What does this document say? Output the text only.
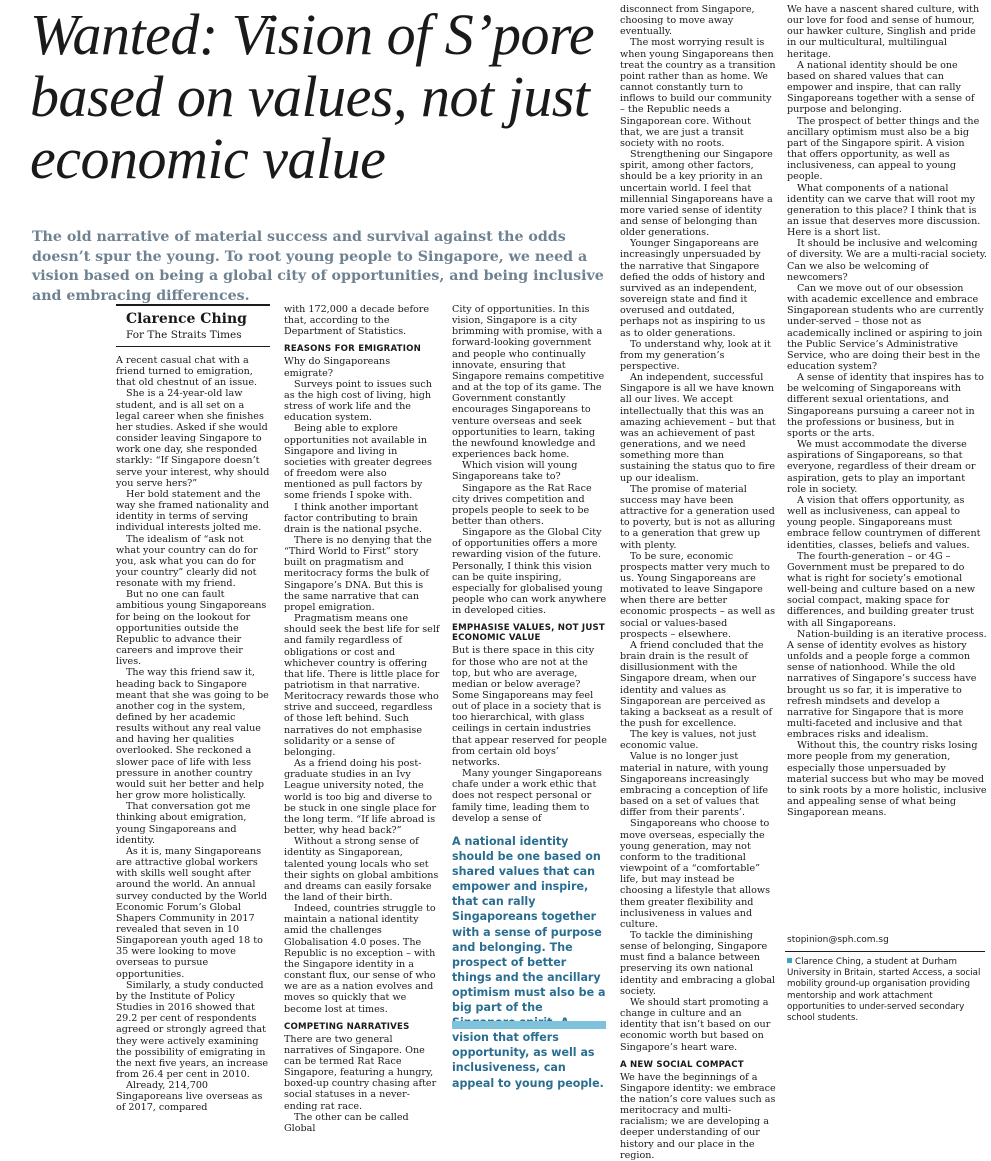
Wanted: Vision of S’pore based on values, not just economic value

The old narrative of material success and survival against the odds doesn’t spur the young. To root young people to Singapore, we need a vision based on being a global city of opportunities, and being inclusive and embracing differences.

Clarence Ching

For The Straits Times

A recent casual chat with a friend turned to emigration, that old chestnut of an issue.

She is a 24-year-old law student, and is all set on a legal career when she finishes her studies. Asked if she would consider leaving Singapore to work one day, she responded starkly: “If Singapore doesn’t serve your interest, why should you serve hers?”

Her bold statement and the way she framed nationality and identity in terms of serving individual interests jolted me.

The idealism of “ask not what your country can do for you, ask what you can do for your country” clearly did not resonate with my friend.

But no one can fault ambitious young Singaporeans for being on the lookout for opportunities outside the Republic to advance their careers and improve their lives.

The way this friend saw it, heading back to Singapore meant that she was going to be another cog in the system, defined by her academic results without any real value and having her qualities overlooked. She reckoned a slower pace of life with less pressure in another country would suit her better and help her grow more holistically.

That conversation got me thinking about emigration, young Singaporeans and identity.

As it is, many Singaporeans are attractive global workers with skills well sought after around the world. An annual survey conducted by the World Economic Forum’s Global Shapers Community in 2017 revealed that seven in 10 Singaporean youth aged 18 to 35 were looking to move overseas to pursue opportunities.

Similarly, a study conducted by the Institute of Policy Studies in 2016 showed that 29.2 per cent of respondents agreed or strongly agreed that they were actively examining the possibility of emigrating in the next five years, an increase from 26.4 per cent in 2010.

Already, 214,700 Singaporeans live overseas as of 2017, compared

with 172,000 a decade before that, according to the Department of Statistics.

REASONS FOR EMIGRATION

Why do Singaporeans emigrate?

Surveys point to issues such as the high cost of living, high stress of work life and the education system.

Being able to explore opportunities not available in Singapore and living in societies with greater degrees of freedom were also mentioned as pull factors by some friends I spoke with.

I think another important factor contributing to brain drain is the national psyche.

There is no denying that the “Third World to First” story built on pragmatism and meritocracy forms the bulk of Singapore’s DNA. But this is the same narrative that can propel emigration.

Pragmatism means one should seek the best life for self and family regardless of obligations or cost and whichever country is offering that life. There is little place for patriotism in that narrative. Meritocracy rewards those who strive and succeed, regardless of those left behind. Such narratives do not emphasise solidarity or a sense of belonging.

As a friend doing his post-graduate studies in an Ivy League university noted, the world is too big and diverse to be stuck in one single place for the long term. “If life abroad is better, why head back?”

Without a strong sense of identity as Singaporean, talented young locals who set their sights on global ambitions and dreams can easily forsake the land of their birth.

Indeed, countries struggle to maintain a national identity amid the challenges Globalisation 4.0 poses. The Republic is no exception – with the Singapore identity in a constant flux, our sense of who we are as a nation evolves and moves so quickly that we become lost at times.

COMPETING NARRATIVES

There are two general narratives of Singapore. One can be termed Rat Race Singapore, featuring a hungry, boxed-up country chasing after social statuses in a never-ending rat race.

The other can be called Global

City of opportunities. In this vision, Singapore is a city brimming with promise, with a forward-looking government and people who continually innovate, ensuring that Singapore remains competitive and at the top of its game. The Government constantly encourages Singaporeans to venture overseas and seek opportunities to learn, taking the newfound knowledge and experiences back home.

Which vision will young Singaporeans take to?

Singapore as the Rat Race city drives competition and propels people to seek to be better than others.

Singapore as the Global City of opportunities offers a more rewarding vision of the future. Personally, I think this vision can be quite inspiring, especially for globalised young people who can work anywhere in developed cities.

EMPHASISE VALUES, NOT JUST ECONOMIC VALUE

But is there space in this city for those who are not at the top, but who are average, median or below average? Some Singaporeans may feel out of place in a society that is too hierarchical, with glass ceilings in certain industries that appear reserved for people from certain old boys’ networks.

Many younger Singaporeans chafe under a work ethic that does not respect personal or family time, leading them to develop a sense of

A national identity should be one based on shared values that can empower and inspire, that can rally Singaporeans together with a sense of purpose and belonging. The prospect of better things and the ancillary optimism must also be a big part of the vision that offers opportunity, as well as inclusiveness, can appeal to young people.

disconnect from Singapore, choosing to move away eventually.

The most worrying result is when young Singaporeans then treat the country as a transition point rather than as home. We cannot constantly turn to inflows to build our community – the Republic needs a Singaporean core. Without that, we are just a transit society with no roots.

Strengthening our Singapore spirit, among other factors, should be a key priority in an uncertain world. I feel that millennial Singaporeans have a more varied sense of identity and sense of belonging than older generations.

Younger Singaporeans are increasingly unpersuaded by the narrative that Singapore defied the odds of history and survived as an independent, sovereign state and find it overused and outdated, perhaps not as inspiring to us as to older generations.

To understand why, look at it from my generation’s perspective.

An independent, successful Singapore is all we have known all our lives. We accept intellectually that this was an amazing achievement – but that was an achievement of past generations, and we need something more than sustaining the status quo to fire up our idealism.

The promise of material success may have been attractive for a generation used to poverty, but is not as alluring to a generation that grew up with plenty.

To be sure, economic prospects matter very much to us. Young Singaporeans are motivated to leave Singapore when there are better economic prospects – as well as social or values-based prospects – elsewhere.

A friend concluded that the brain drain is the result of disillusionment with the Singapore dream, when our identity and values as Singaporean are perceived as taking a backseat as a result of the push for excellence.

The key is values, not just economic value.

Value is no longer just material in nature, with young Singaporeans increasingly embracing a conception of life based on a set of values that differ from their parents’.

Singaporeans who choose to move overseas, especially the young generation, may not conform to the traditional viewpoint of a “comfortable” life, but may instead be choosing a lifestyle that allows them greater flexibility and inclusiveness in values and culture.

To tackle the diminishing sense of belonging, Singapore must find a balance between preserving its own national identity and embracing a global society.

We should start promoting a change in culture and an identity that isn’t based on our economic worth but based on Singapore’s heart ware.

A NEW SOCIAL COMPACT

We have the beginnings of a Singapore identity: we embrace the nation’s core values such as meritocracy and multi-racialism; we are developing a deeper understanding of our history and our place in the region.

We have a nascent shared culture, with our love for food and sense of humour, our hawker culture, Singlish and pride in our multicultural, multilingual heritage.

A national identity should be one based on shared values that can empower and inspire, that can rally Singaporeans together with a sense of purpose and belonging.

The prospect of better things and the ancillary optimism must also be a big part of the Singapore spirit. A vision that offers opportunity, as well as inclusiveness, can appeal to young people.

What components of a national identity can we carve that will root my generation to this place? I think that is an issue that deserves more discussion. Here is a short list.

It should be inclusive and welcoming of diversity. We are a multi-racial society. Can we also be welcoming of newcomers?

Can we move out of our obsession with academic excellence and embrace Singaporean students who are currently under-served – those not as academically inclined or aspiring to join the Public Service’s Administrative Service, who are doing their best in the education system?

A sense of identity that inspires has to be welcoming of Singaporeans with different sexual orientations, and Singaporeans pursuing a career not in the professions or business, but in sports or the arts.

We must accommodate the diverse aspirations of Singaporeans, so that everyone, regardless of their dream or aspiration, gets to play an important role in society.

A vision that offers opportunity, as well as inclusiveness, can appeal to young people. Singaporeans must embrace fellow countrymen of different identities, classes, beliefs and values.

The fourth-generation – or 4G – Government must be prepared to do what is right for society’s emotional well-being and culture based on a new social compact, making space for differences, and building greater trust with all Singaporeans.

Nation-building is an iterative process. A sense of identity evolves as history unfolds and a people forge a common sense of nationhood. While the old narratives of Singapore’s success have brought us so far, it is imperative to refresh mindsets and develop a narrative for Singapore that is more multi-faceted and inclusive and that embraces risks and idealism.

Without this, the country risks losing more people from my generation, especially those unpersuaded by material success but who may be moved to sink roots by a more holistic, inclusive and appealing sense of what being Singaporean means.

stopinion@sph.com.sg

Clarence Ching, a student at Durham University in Britain, started Access, a social mobility ground-up organisation providing mentorship and work attachment opportunities to under-served secondary school students.
